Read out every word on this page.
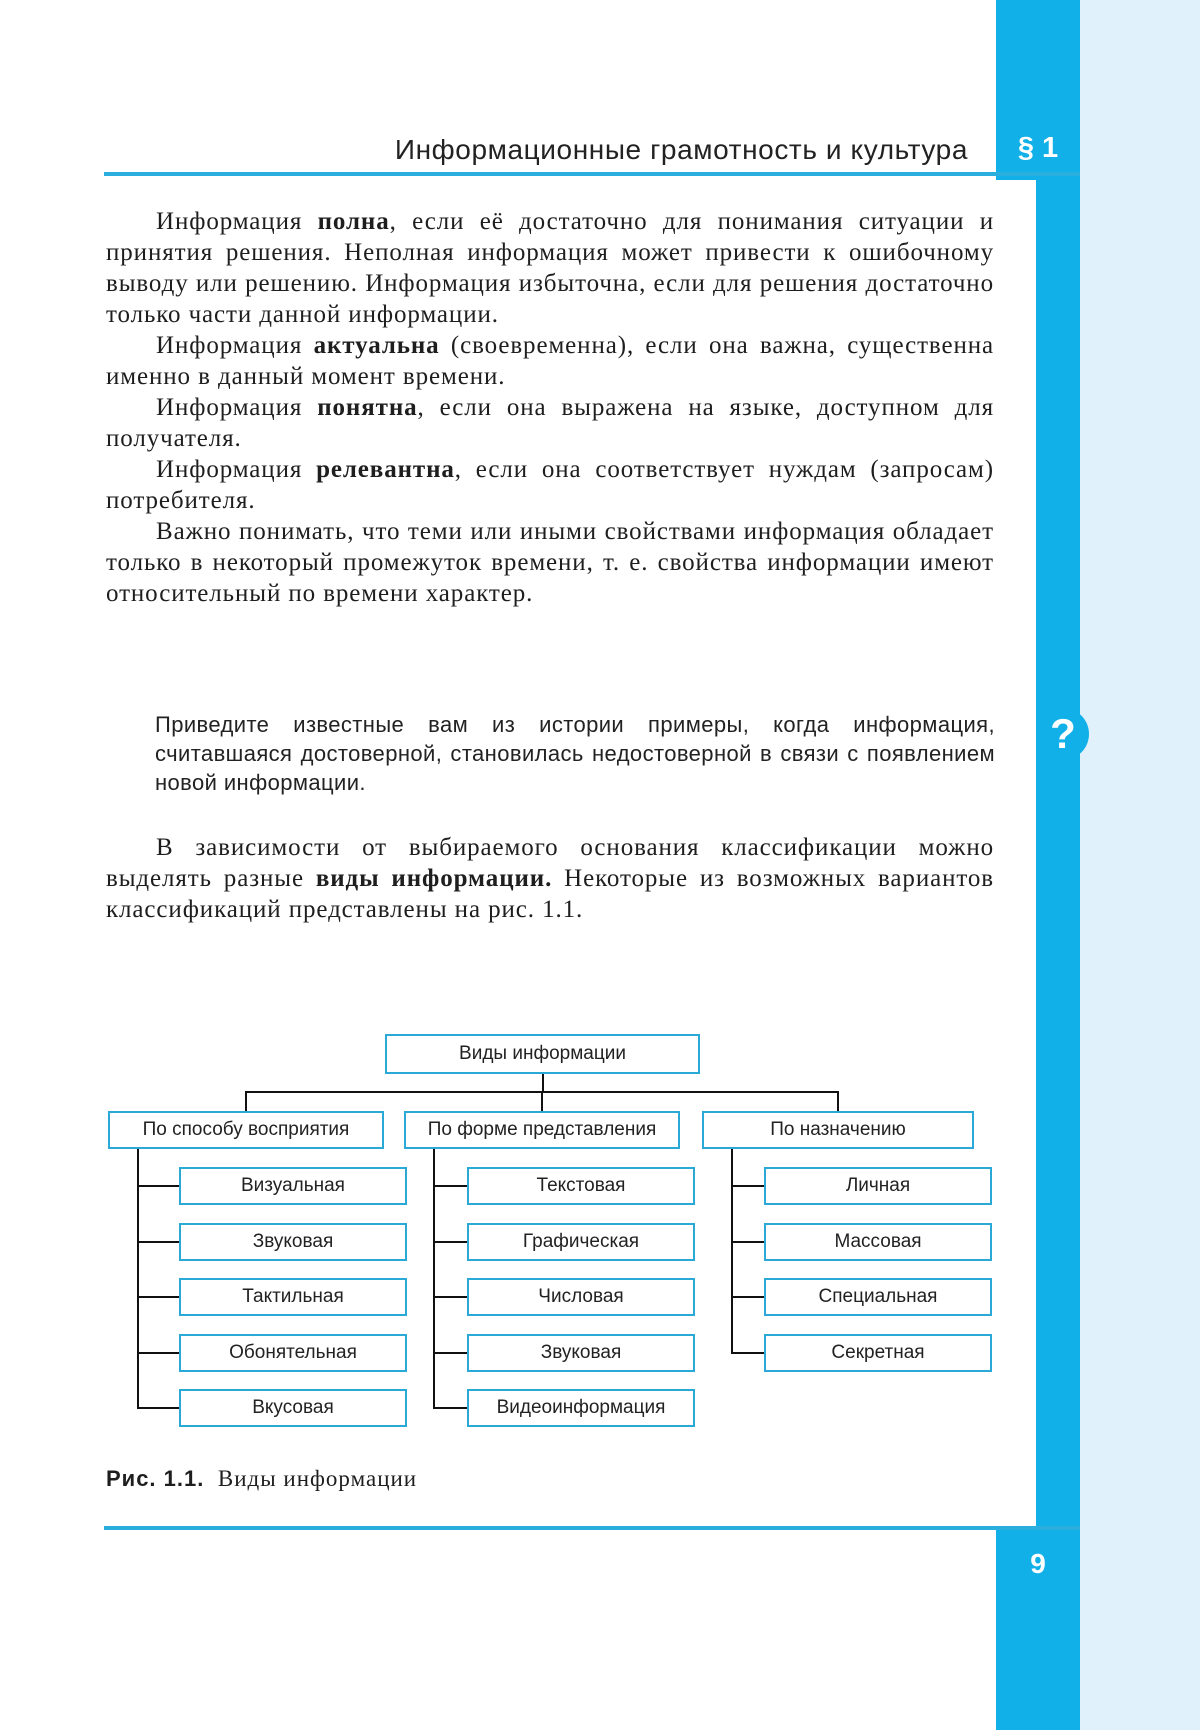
Информационные грамотность и культура	§ 1

Информация полна, если её достаточно для понимания ситуации и принятия решения. Неполная информация может привести к ошибочному выводу или решению. Информация избыточна, если для решения достаточно только части данной информации.

Информация актуальна (своевременна), если она важна, существенна именно в данный момент времени.

Информация понятна, если она выражена на языке, доступном для получателя.

Информация релевантна, если она соответствует нуждам (запросам) потребителя.

Важно понимать, что теми или иными свойствами информация обладает только в некоторый промежуток времени, т. е. свойства информации имеют относительный по времени характер.

Приведите известные вам из истории примеры, когда информация, считавшаяся достоверной, становилась недостоверной в связи с появлением новой информации.
?

В зависимости от выбираемого основания классификации можно выделять разные виды информации. Некоторые из возможных вариантов классификаций представлены на рис. 1.1.

Виды информации
По способу восприятия
Визуальная
Звуковая
Тактильная
Обонятельная
Вкусовая
По форме представления
Текстовая
Графическая
Числовая
Звуковая
Видеоинформация
По назначению
Личная
Массовая
Специальная
Секретная
Рис. 1.1. Виды информации
9
